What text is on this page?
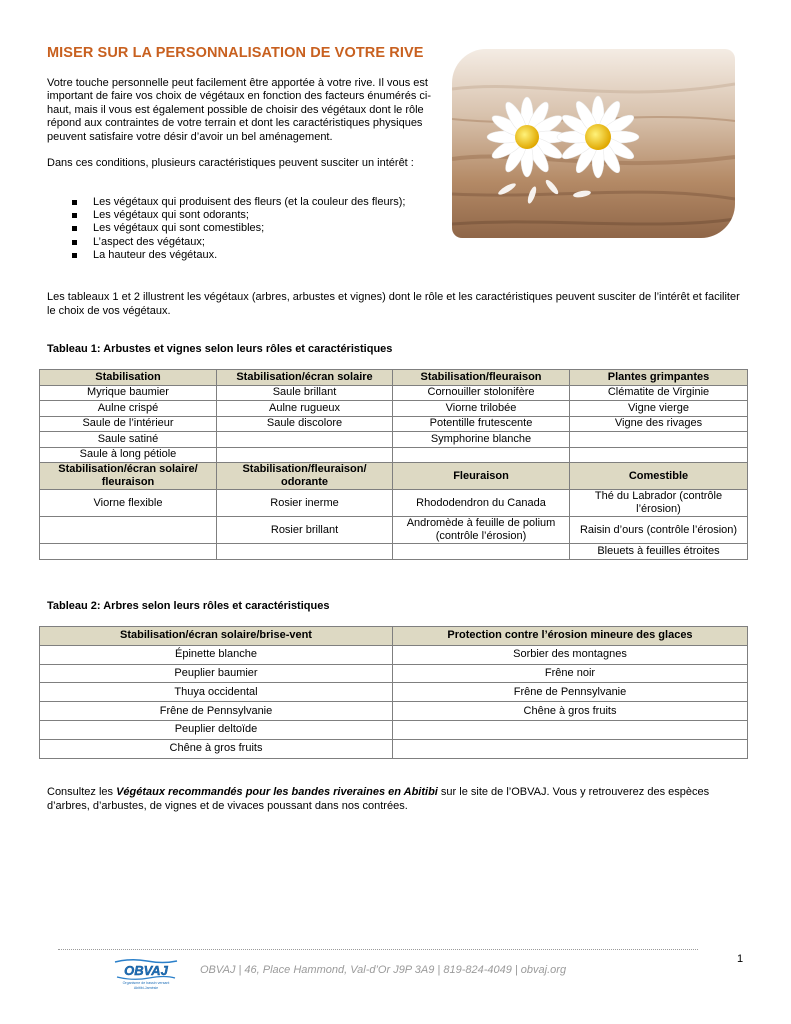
MISER SUR LA PERSONNALISATION DE VOTRE RIVE

Votre touche personnelle peut facilement être apportée à votre rive. Il vous est important de faire vos choix de végétaux en fonction des facteurs énumérés ci-haut, mais il vous est également possible de choisir des végétaux dont le rôle répond aux contraintes de votre terrain et dont les caractéristiques physiques peuvent satisfaire votre désir d’avoir un bel aménagement.

Dans ces conditions, plusieurs caractéristiques peuvent susciter un intérêt :

Les végétaux qui produisent des fleurs (et la couleur des fleurs);
Les végétaux qui sont odorants;
Les végétaux qui sont comestibles;
L’aspect des végétaux;
La hauteur des végétaux.
Les tableaux 1 et 2 illustrent les végétaux (arbres, arbustes et vignes) dont le rôle et les caractéristiques peuvent susciter de l’intérêt et faciliter le choix de vos végétaux.
Tableau 1: Arbustes et vignes selon leurs rôles et caractéristiques
Stabilisation	Stabilisation/écran solaire	Stabilisation/fleuraison	Plantes grimpantes
Myrique baumier	Saule brillant	Cornouiller stolonifère	Clématite de Virginie
Aulne crispé	Aulne rugueux	Viorne trilobée	Vigne vierge
Saule de l’intérieur	Saule discolore	Potentille frutescente	Vigne des rivages
Saule satiné		Symphorine blanche	
Saule à long pétiole			
Stabilisation/écran solaire/ fleuraison	Stabilisation/fleuraison/ odorante	Fleuraison	Comestible
Viorne flexible	Rosier inerme	Rhododendron du Canada	Thé du Labrador (contrôle l’érosion)
	Rosier brillant	Andromède à feuille de polium (contrôle l’érosion)	Raisin d’ours (contrôle l’érosion)
			Bleuets à feuilles étroites
Tableau 2: Arbres selon leurs rôles et caractéristiques
Stabilisation/écran solaire/brise-vent	Protection contre l’érosion mineure des glaces
Épinette blanche	Sorbier des montagnes
Peuplier baumier	Frêne noir
Thuya occidental	Frêne de Pennsylvanie
Frêne de Pennsylvanie	Chêne à gros fruits
Peuplier deltoïde	
Chêne à gros fruits	
Consultez les Végétaux recommandés pour les bandes riveraines en Abitibi sur le site de l’OBVAJ. Vous y retrouverez des espèces d’arbres, d’arbustes, de vignes et de vivaces poussant dans nos contrées.
1
OBVAJ
Organisme de bassin versant
Abitibi-Jamésie
OBVAJ | 46, Place Hammond, Val-d’Or J9P 3A9 | 819-824-4049 | obvaj.org
